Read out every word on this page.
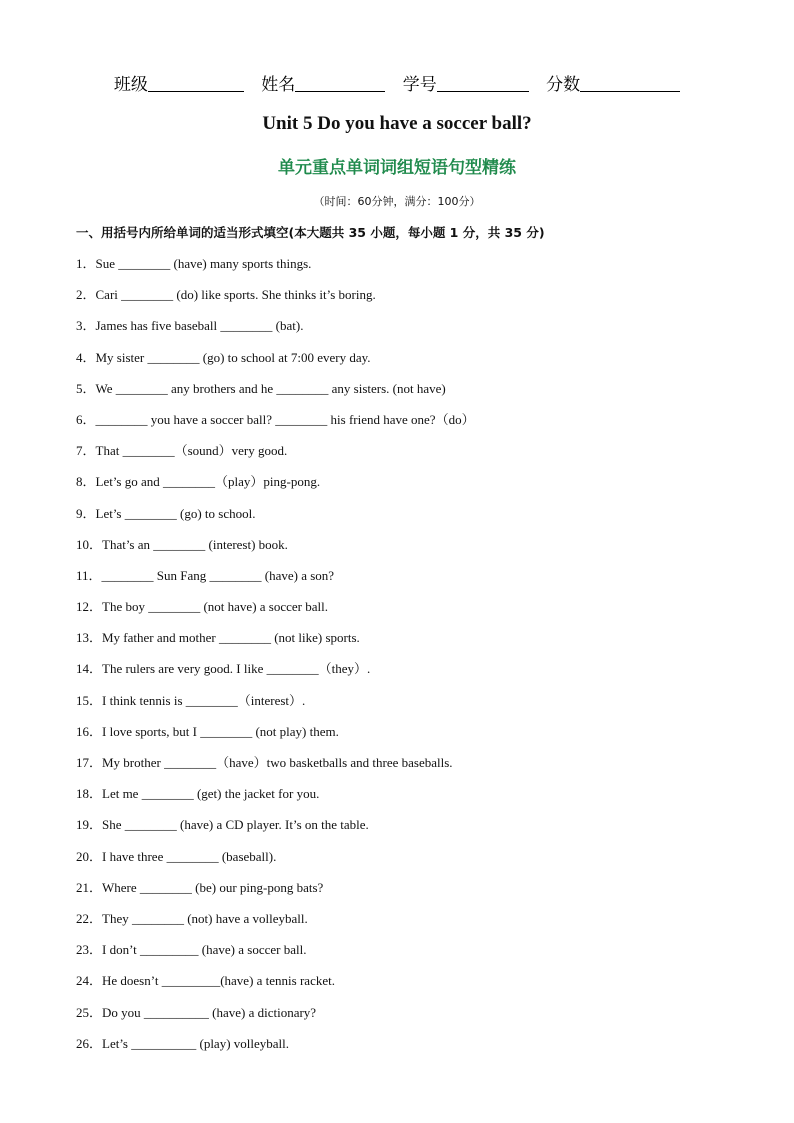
班级	姓名	学号	分数
Unit 5 Do you have a soccer ball?
单元重点单词词组短语句型精练
（时间：60分钟，满分：100分）
一、用括号内所给单词的适当形式填空(本大题共 35 小题，每小题 1 分，共 35 分)
1．Sue ________ (have) many sports things.
2．Cari ________ (do) like sports. She thinks it’s boring.
3．James has five baseball ________ (bat).
4．My sister ________ (go) to school at 7:00 every day.
5．We ________ any brothers and he ________ any sisters. (not have)
6．________ you have a soccer ball? ________ his friend have one?（do）
7．That ________（sound）very good.
8．Let’s go and ________（play）ping-pong.
9．Let’s ________ (go) to school.
10．That’s an ________ (interest) book.
11．________ Sun Fang ________ (have) a son?
12．The boy ________ (not have) a soccer ball.
13．My father and mother ________ (not like) sports.
14．The rulers are very good. I like ________（they）.
15．I think tennis is ________（interest）.
16．I love sports, but I ________ (not play) them.
17．My brother ________（have）two basketballs and three baseballs.
18．Let me ________ (get) the jacket for you.
19．She ________ (have) a CD player. It’s on the table.
20．I have three ________ (baseball).
21．Where ________ (be) our ping-pong bats?
22．They ________ (not) have a volleyball.
23．I don’t _________ (have) a soccer ball.
24．He doesn’t _________(have) a tennis racket.
25．Do you __________ (have) a dictionary?
26．Let’s __________ (play) volleyball.
